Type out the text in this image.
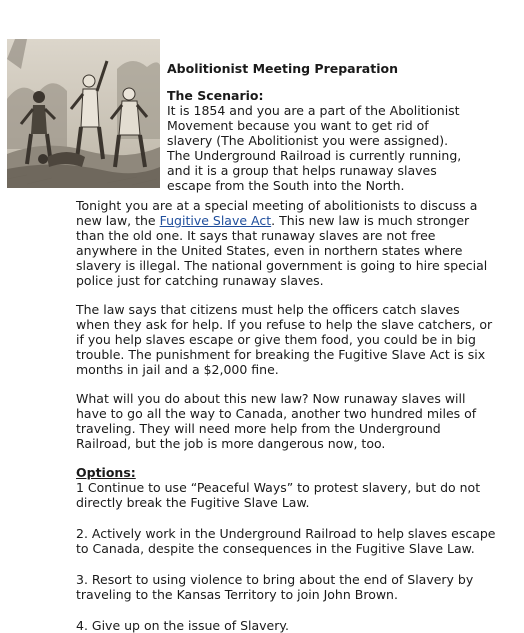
Abolitionist Meeting Preparation

The Scenario:

It is 1854 and you are a part of the Abolitionist Movement because you want to get rid of slavery (The Abolitionist you were assigned). The Underground Railroad is currently running, and it is a group that helps runaway slaves escape from the South into the North.

Tonight you are at a special meeting of abolitionists to discuss a new law, the Fugitive Slave Act. This new law is much stronger than the old one. It says that runaway slaves are not free anywhere in the United States, even in northern states where slavery is illegal. The national government is going to hire special police just for catching runaway slaves.

The law says that citizens must help the officers catch slaves when they ask for help. If you refuse to help the slave catchers, or if you help slaves escape or give them food, you could be in big trouble. The punishment for breaking the Fugitive Slave Act is six months in jail and a $2,000 fine.

What will you do about this new law? Now runaway slaves will have to go all the way to Canada, another two hundred miles of traveling. They will need more help from the Underground Railroad, but the job is more dangerous now, too.

Options:

1 Continue to use “Peaceful Ways” to protest slavery, but do not directly break the Fugitive Slave Law.

2. Actively work in the Underground Railroad to help slaves escape to Canada, despite the consequences in the Fugitive Slave Law.

3. Resort to using violence to bring about the end of Slavery by traveling to the Kansas Territory to join John Brown.

4. Give up on the issue of Slavery.
